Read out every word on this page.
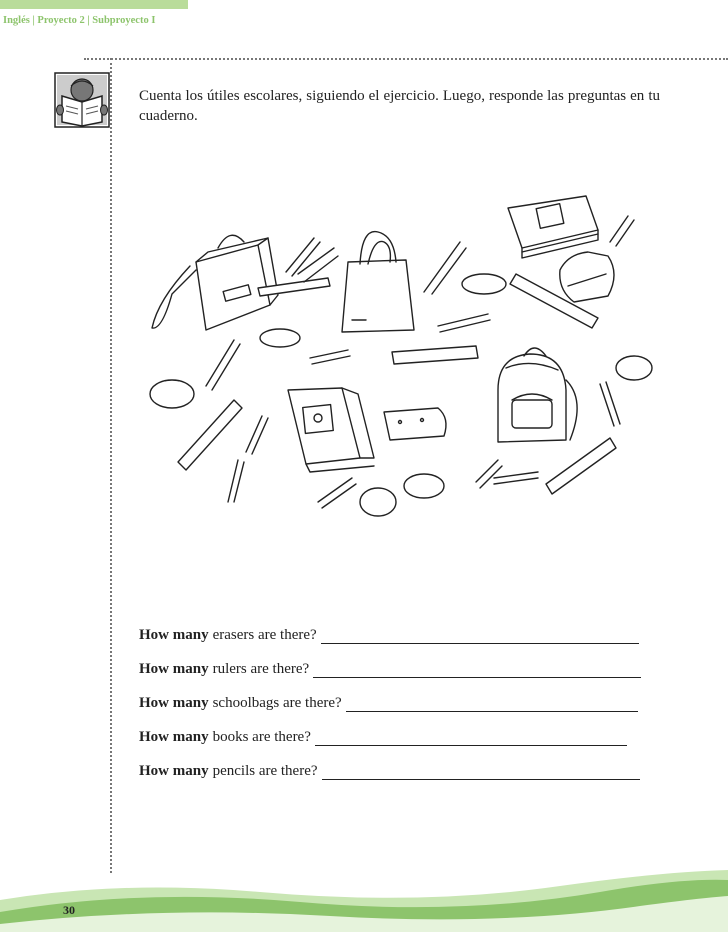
Inglés | Proyecto 2 | Subproyecto I
Cuenta los útiles escolares, siguiendo el ejercicio. Luego, responde las preguntas en tu cuaderno.
How many erasers are there?
How many rulers are there?
How many schoolbags are there?
How many books are there?
How many pencils are there?
30
